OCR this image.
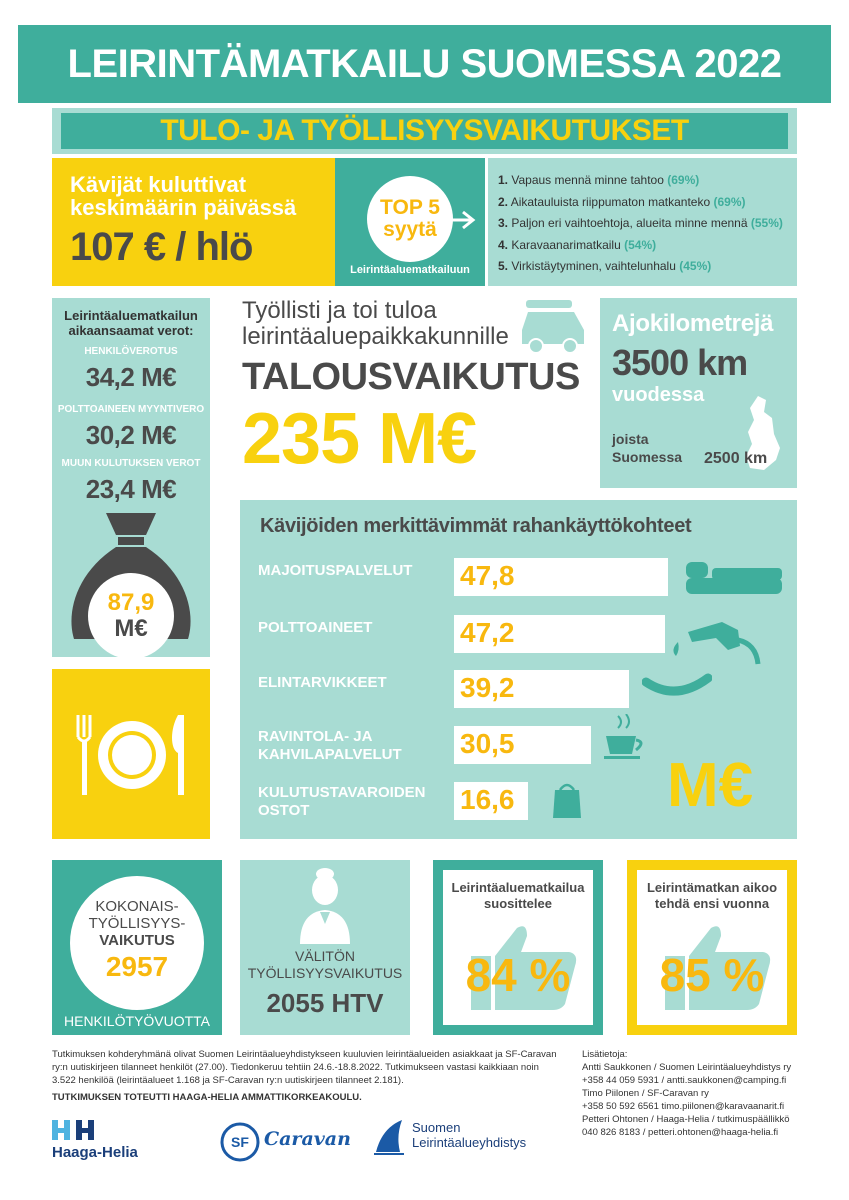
LEIRINTÄMATKAILU SUOMESSA 2022
TULO- JA TYÖLLISYYSVAIKUTUKSET
Kävijät kuluttivat
keskimäärin päivässä
107 € / hlö
TOP 5
syytä
Leirintäaluematkailuun
1. Vapaus mennä minne tahtoo (69%)
2. Aikatauluista riippumaton matkanteko (69%)
3. Paljon eri vaihtoehtoja, alueita minne mennä (55%)
4. Karavaanarimatkailu (54%)
5. Virkistäytyminen, vaihtelunhalu (45%)
Leirintäaluematkailun
aikaansaamat verot:
HENKILÖVEROTUS
34,2 M€
POLTTOAINEEN MYYNTIVERO
30,2 M€
MUUN KULUTUKSEN VEROT
23,4 M€
87,9
M€
Työllisti ja toi tuloa
leirintäaluepaikkakunnille
TALOUSVAIKUTUS
235 M€
Ajokilometrejä
3500 km
vuodessa
joista
Suomessa 2500 km
Kävijöiden merkittävimmät rahankäyttökohteet
MAJOITUSPALVELUT 47,8
POLTTOAINEET	47,2
ELINTARVIKKEET	39,2
RAVINTOLA- JA
KAHVILAPALVELUT 30,5
KULUTUSTAVAROIDEN
OSTOT	16,6 M€
KOKONAIS-
TYÖLLISYYS-
VAIKUTUS
2957
HENKILÖTYÖVUOTTA
VÄLITÖN
TYÖLLISYYSVAIKUTUS
2055 HTV
Leirintäaluematkailua
suosittelee
84 %
Leirintämatkan aikoo
tehdä ensi vuonna
85 %
Tutkimuksen kohderyhmänä olivat Suomen Leirintäalueyhdistykseen kuuluvien leirintäalueiden asiakkaat ja SF-Caravan ry:n uutiskirjeen tilanneet henkilöt (27.00). Tiedonkeruu tehtiin 24.6.-18.8.2022. Tutkimukseen vastasi kaikkiaan noin 3.522 henkilöä (leirintäalueet 1.168 ja SF-Caravan ry:n uutiskirjeen tilanneet 2.181).
TUTKIMUKSEN TOTEUTTI HAAGA-HELIA AMMATTIKORKEAKOULU.
Lisätietoja:
Antti Saukkonen / Suomen Leirintäalueyhdistys ry
+358 44 059 5931 / antti.saukkonen@camping.fi
Timo Piilonen / SF-Caravan ry
+358 50 592 6561 timo.piilonen@karavaanarit.fi
Petteri Ohtonen / Haaga-Helia / tutkimuspäällikkö
040 826 8183 / petteri.ohtonen@haaga-helia.fi
Haaga-Helia
SF Caravan
Suomen
Leirintäalueyhdistys
